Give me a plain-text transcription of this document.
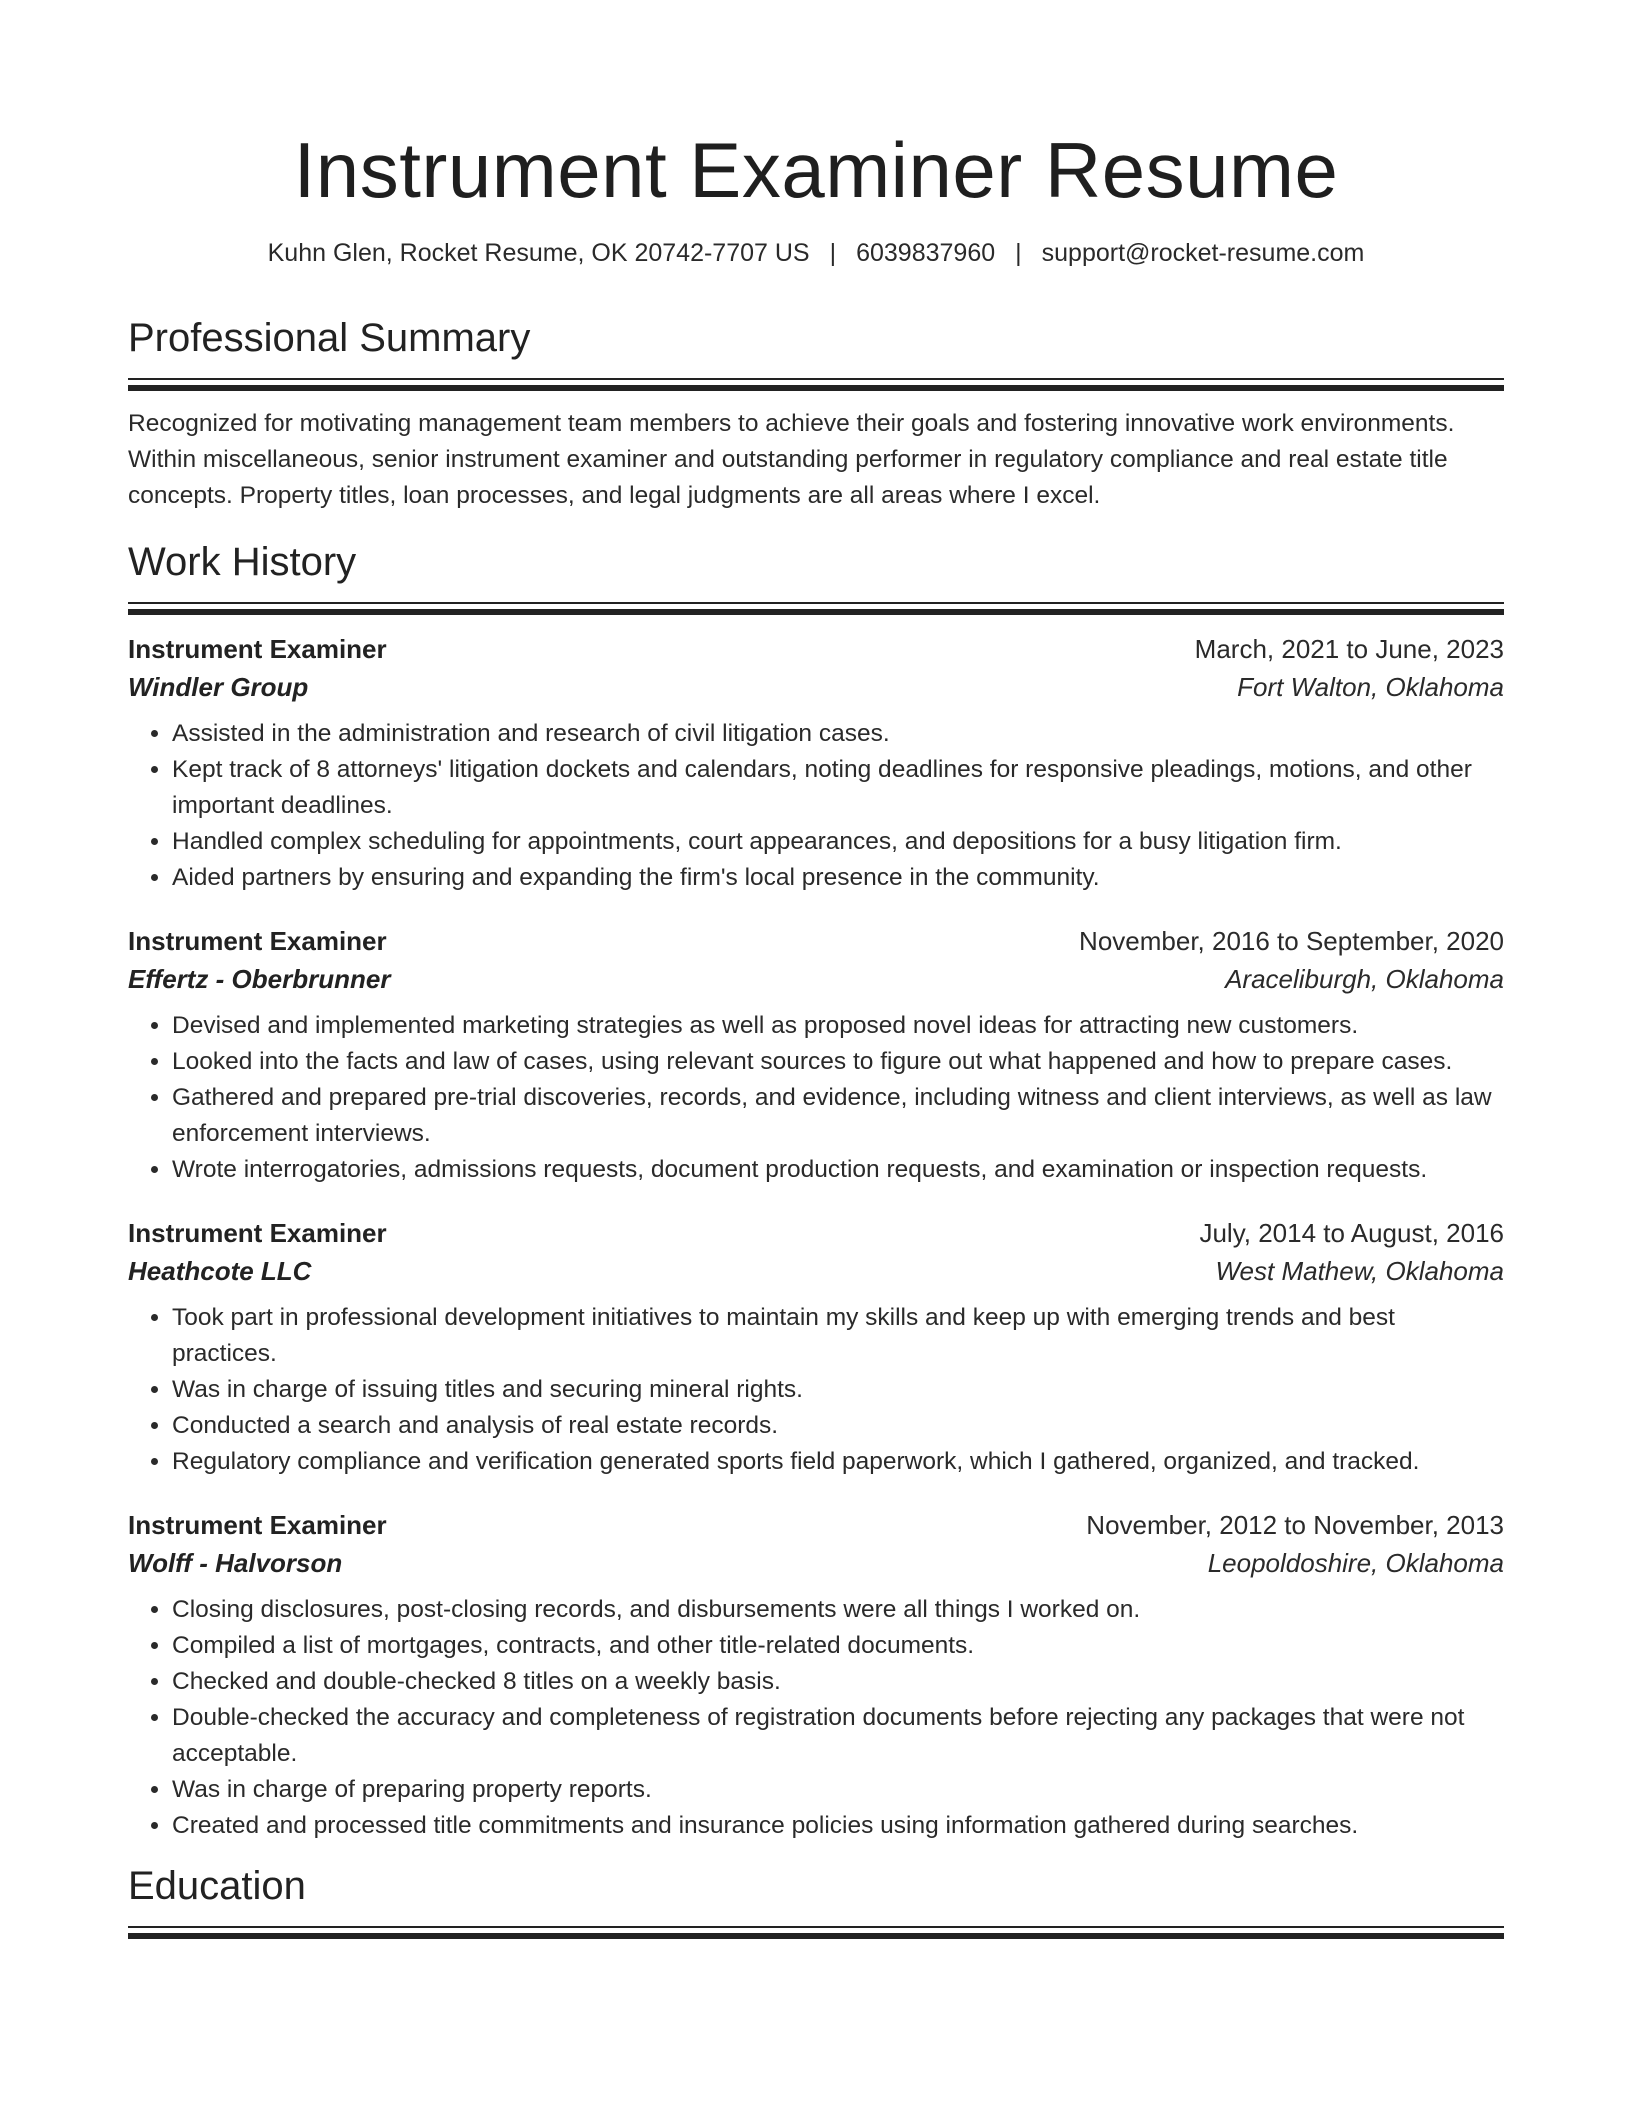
Instrument Examiner Resume
Kuhn Glen, Rocket Resume, OK 20742-7707 US | 6039837960 | support@rocket-resume.com
Professional Summary

Recognized for motivating management team members to achieve their goals and fostering innovative work environments. Within miscellaneous, senior instrument examiner and outstanding performer in regulatory compliance and real estate title concepts. Property titles, loan processes, and legal judgments are all areas where I excel.

Work History
Instrument Examiner	March, 2021 to June, 2023
Windler Group	Fort Walton, Oklahoma
• Assisted in the administration and research of civil litigation cases.
• Kept track of 8 attorneys' litigation dockets and calendars, noting deadlines for responsive pleadings, motions, and other important deadlines.
• Handled complex scheduling for appointments, court appearances, and depositions for a busy litigation firm.
• Aided partners by ensuring and expanding the firm's local presence in the community.
Instrument Examiner	November, 2016 to September, 2020
Effertz - Oberbrunner	Araceliburgh, Oklahoma
• Devised and implemented marketing strategies as well as proposed novel ideas for attracting new customers.
• Looked into the facts and law of cases, using relevant sources to figure out what happened and how to prepare cases.
• Gathered and prepared pre-trial discoveries, records, and evidence, including witness and client interviews, as well as law enforcement interviews.
• Wrote interrogatories, admissions requests, document production requests, and examination or inspection requests.
Instrument Examiner	July, 2014 to August, 2016
Heathcote LLC	West Mathew, Oklahoma
• Took part in professional development initiatives to maintain my skills and keep up with emerging trends and best practices.
• Was in charge of issuing titles and securing mineral rights.
• Conducted a search and analysis of real estate records.
• Regulatory compliance and verification generated sports field paperwork, which I gathered, organized, and tracked.
Instrument Examiner	November, 2012 to November, 2013
Wolff - Halvorson	Leopoldoshire, Oklahoma
• Closing disclosures, post-closing records, and disbursements were all things I worked on.
• Compiled a list of mortgages, contracts, and other title-related documents.
• Checked and double-checked 8 titles on a weekly basis.
• Double-checked the accuracy and completeness of registration documents before rejecting any packages that were not acceptable.
• Was in charge of preparing property reports.
• Created and processed title commitments and insurance policies using information gathered during searches.
Education
